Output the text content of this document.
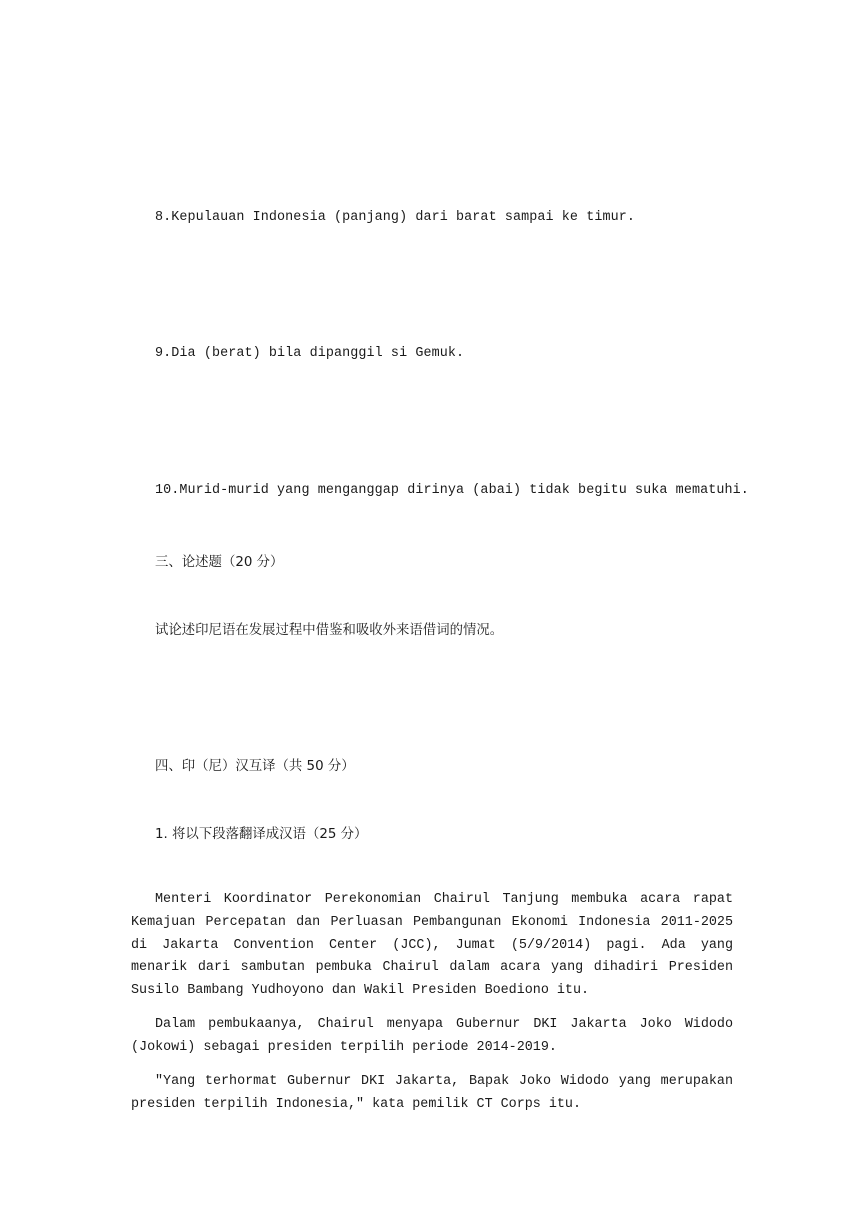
8.Kepulauan Indonesia (panjang) dari barat sampai ke timur.
9.Dia (berat) bila dipanggil si Gemuk.
10.Murid-murid yang menganggap dirinya (abai) tidak begitu suka mematuhi.
三、论述题（20 分）
试论述印尼语在发展过程中借鉴和吸收外来语借词的情况。
四、印（尼）汉互译（共 50 分）
1. 将以下段落翻译成汉语（25 分）

Menteri Koordinator Perekonomian Chairul Tanjung membuka acara rapat Kemajuan Percepatan dan Perluasan Pembangunan Ekonomi Indonesia 2011-2025 di Jakarta Convention Center (JCC), Jumat (5/9/2014) pagi. Ada yang menarik dari sambutan pembuka Chairul dalam acara yang dihadiri Presiden Susilo Bambang Yudhoyono dan Wakil Presiden Boediono itu.

Dalam pembukaanya, Chairul menyapa Gubernur DKI Jakarta Joko Widodo (Jokowi) sebagai presiden terpilih periode 2014-2019.

"Yang terhormat Gubernur DKI Jakarta, Bapak Joko Widodo yang merupakan presiden terpilih Indonesia," kata pemilik CT Corps itu.
